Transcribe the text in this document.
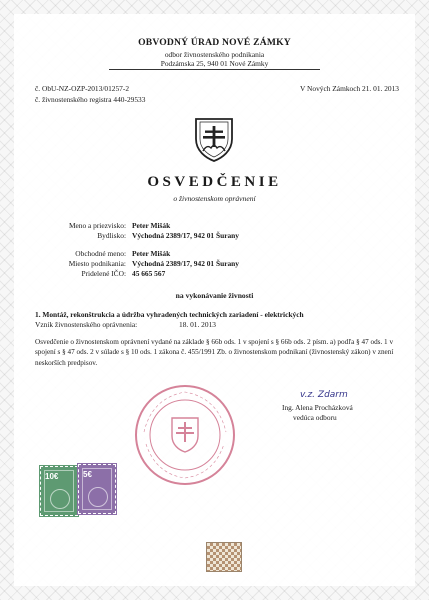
OBVODNÝ ÚRAD NOVÉ ZÁMKY
odbor živnostenského podnikania
Podzámska 25, 940 01 Nové Zámky
č. ObU-NZ-OZP-2013/01257-2
č. živnostenského registra 440-29533
V Nových Zámkoch 21. 01. 2013
OSVEDČENIE
o živnostenskom oprávnení
Meno a priezvisko: Peter Mišák
Bydlisko: Východná 2389/17, 942 01 Šurany
Obchodné meno: Peter Mišák
Miesto podnikania: Východná 2389/17, 942 01 Šurany
Pridelené IČO: 45 665 567
na vykonávanie živnosti
1. Montáž, rekonštrukcia a údržba vyhradených technických zariadení - elektrických
Vznik živnostenského oprávnenia:	18. 01. 2013
Osvedčenie o živnostenskom oprávnení vydané na základe § 66b ods. 1 v spojení s § 66b ods. 2 písm. a) podľa § 47 ods. 1 v spojení s § 47 ods. 2 v súlade s § 10 ods. 1 zákona č. 455/1991 Zb. o živnostenskom podnikaní (živnostenský zákon) v znení neskorších predpisov.
v.z. Zdarm
Ing. Alena Procházková
vedúca odboru
10€	5€
